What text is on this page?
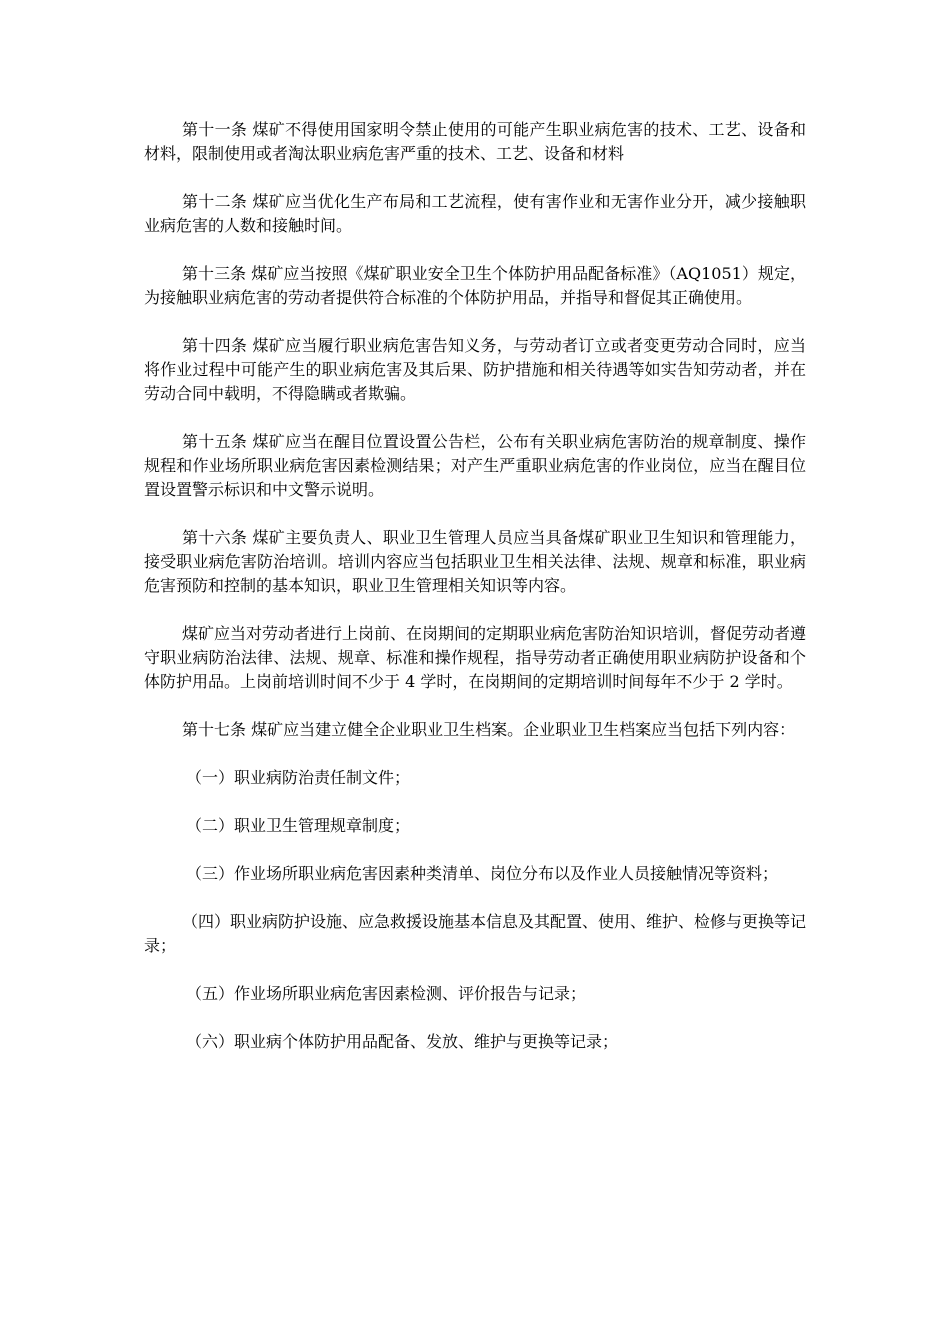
第十一条 煤矿不得使用国家明令禁止使用的可能产生职业病危害的技术、工艺、设备和材料，限制使用或者淘汰职业病危害严重的技术、工艺、设备和材料

第十二条 煤矿应当优化生产布局和工艺流程，使有害作业和无害作业分开，减少接触职业病危害的人数和接触时间。

第十三条 煤矿应当按照《煤矿职业安全卫生个体防护用品配备标准》（AQ1051）规定，为接触职业病危害的劳动者提供符合标准的个体防护用品，并指导和督促其正确使用。

第十四条 煤矿应当履行职业病危害告知义务，与劳动者订立或者变更劳动合同时，应当将作业过程中可能产生的职业病危害及其后果、防护措施和相关待遇等如实告知劳动者，并在劳动合同中载明，不得隐瞒或者欺骗。

第十五条 煤矿应当在醒目位置设置公告栏，公布有关职业病危害防治的规章制度、操作规程和作业场所职业病危害因素检测结果；对产生严重职业病危害的作业岗位，应当在醒目位置设置警示标识和中文警示说明。

第十六条 煤矿主要负责人、职业卫生管理人员应当具备煤矿职业卫生知识和管理能力，接受职业病危害防治培训。培训内容应当包括职业卫生相关法律、法规、规章和标准，职业病危害预防和控制的基本知识，职业卫生管理相关知识等内容。

煤矿应当对劳动者进行上岗前、在岗期间的定期职业病危害防治知识培训，督促劳动者遵守职业病防治法律、法规、规章、标准和操作规程，指导劳动者正确使用职业病防护设备和个体防护用品。上岗前培训时间不少于 4 学时，在岗期间的定期培训时间每年不少于 2 学时。

第十七条 煤矿应当建立健全企业职业卫生档案。企业职业卫生档案应当包括下列内容：

（一）职业病防治责任制文件；

（二）职业卫生管理规章制度；

（三）作业场所职业病危害因素种类清单、岗位分布以及作业人员接触情况等资料；

（四）职业病防护设施、应急救援设施基本信息及其配置、使用、维护、检修与更换等记录；

（五）作业场所职业病危害因素检测、评价报告与记录；

（六）职业病个体防护用品配备、发放、维护与更换等记录；
